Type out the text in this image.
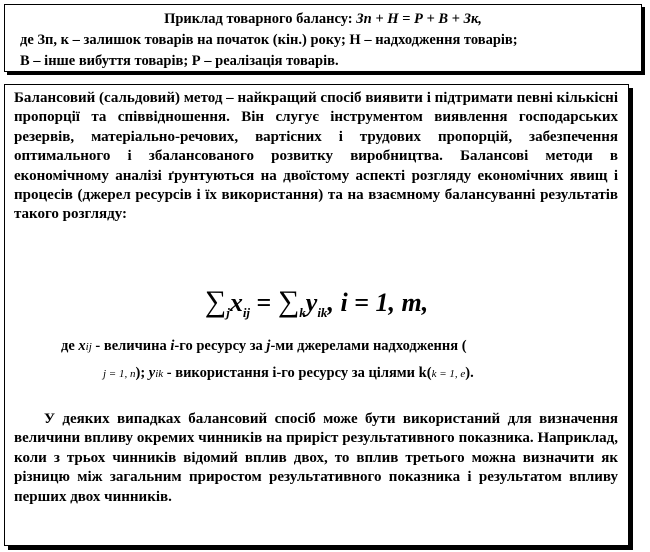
Приклад товарного балансу: Зп + Н = Р + В + Зк,
де Зп, к – залишок товарів на початок (кін.) року; Н – надходження товарів;
В – інше вибуття товарів; Р – реалізація товарів.
Балансовий (сальдовий) метод – найкращий спосіб виявити і підтримати певні кількісні пропорції та співвідношення. Він слугує інструментом виявлення господарських резервів, матеріально-речових, вартісних і трудових пропорцій, забезпечення оптимального і збалансованого розвитку виробництва. Балансові методи в економічному аналізі ґрунтуються на двоїстому аспекті розгляду економічних явищ і процесів (джерел ресурсів і їх використання) та на взаємному балансуванні результатів такого розгляду:
$\sum_jx_{ij} = \sum_ky_{ik}$, i = 1, m,
де xij - величина i-го ресурсу за j-ми джерелами надходження (
j = 1, n); yik - використання i-го ресурсу за цілями k(k = 1, e).
У деяких випадках балансовий спосіб може бути використаний для визначення величини впливу окремих чинників на приріст результативного показника. Наприклад, коли з трьох чинників відомий вплив двох, то вплив третього можна визначити як різницю між загальним приростом результативного показника і результатом впливу перших двох чинників.
